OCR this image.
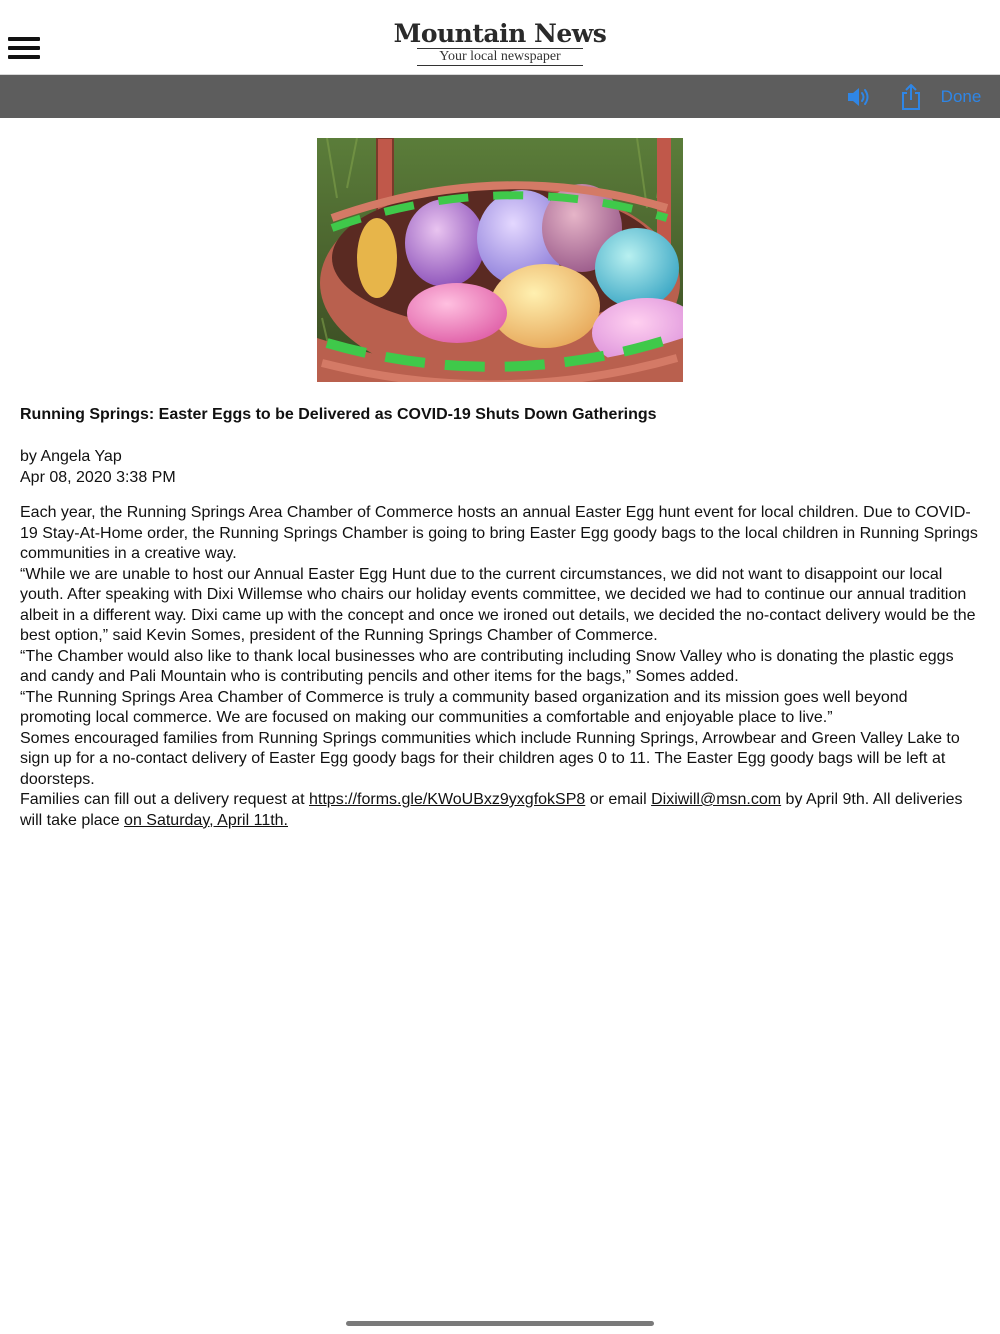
Mountain News
Your local newspaper
Done
Running Springs: Easter Eggs to be Delivered as COVID-19 Shuts Down Gatherings
by Angela Yap
Apr 08, 2020 3:38 PM

Each year, the Running Springs Area Chamber of Commerce hosts an annual Easter Egg hunt event for local children. Due to COVID-19 Stay-At-Home order, the Running Springs Chamber is going to bring Easter Egg goody bags to the local children in Running Springs communities in a creative way.

“While we are unable to host our Annual Easter Egg Hunt due to the current circumstances, we did not want to disappoint our local youth. After speaking with Dixi Willemse who chairs our holiday events committee, we decided we had to continue our annual tradition albeit in a different way. Dixi came up with the concept and once we ironed out details, we decided the no-contact delivery would be the best option,” said Kevin Somes, president of the Running Springs Chamber of Commerce.

“The Chamber would also like to thank local businesses who are contributing including Snow Valley who is donating the plastic eggs and candy and Pali Mountain who is contributing pencils and other items for the bags,” Somes added.

“The Running Springs Area Chamber of Commerce is truly a community based organization and its mission goes well beyond promoting local commerce. We are focused on making our communities a comfortable and enjoyable place to live.”

Somes encouraged families from Running Springs communities which include Running Springs, Arrowbear and Green Valley Lake to sign up for a no-contact delivery of Easter Egg goody bags for their children ages 0 to 11. The Easter Egg goody bags will be left at doorsteps.

Families can fill out a delivery request at https://forms.gle/KWoUBxz9yxgfokSP8 or email Dixiwill@msn.com by April 9th. All deliveries will take place on Saturday, April 11th.
